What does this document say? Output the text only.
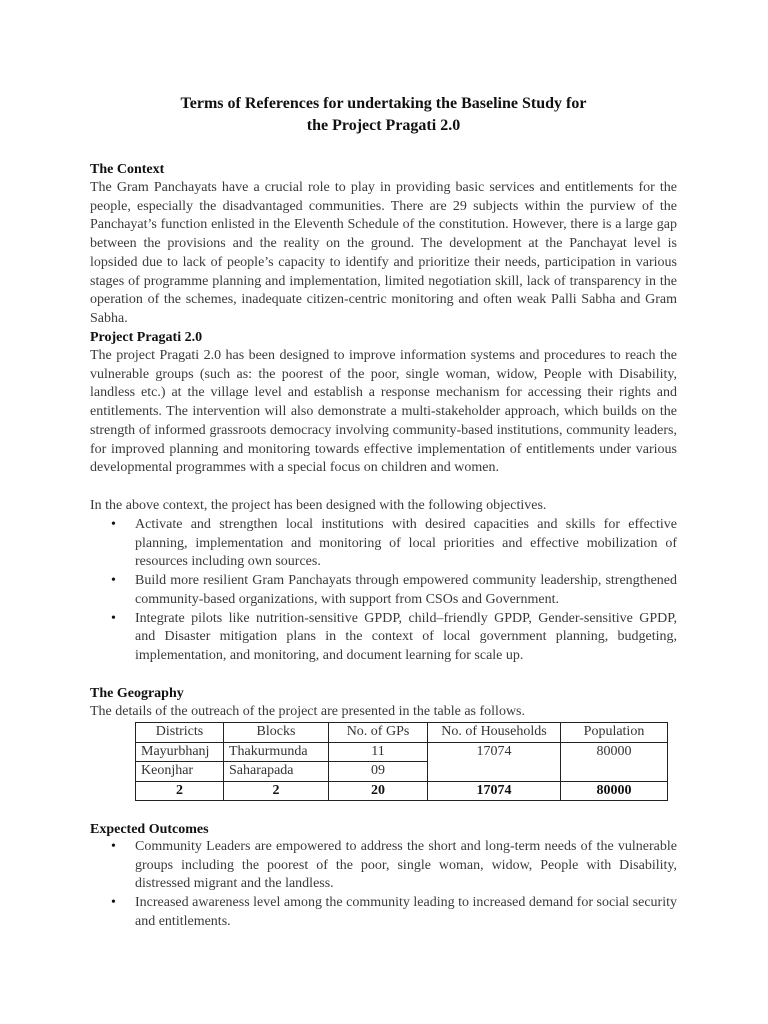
Terms of References for undertaking the Baseline Study for
the Project Pragati 2.0
The Context
The Gram Panchayats have a crucial role to play in providing basic services and entitlements for the people, especially the disadvantaged communities. There are 29 subjects within the purview of the Panchayat’s function enlisted in the Eleventh Schedule of the constitution. However, there is a large gap between the provisions and the reality on the ground. The development at the Panchayat level is lopsided due to lack of people’s capacity to identify and prioritize their needs, participation in various stages of programme planning and implementation, limited negotiation skill, lack of transparency in the operation of the schemes, inadequate citizen-centric monitoring and often weak Palli Sabha and Gram Sabha.
Project Pragati 2.0
The project Pragati 2.0 has been designed to improve information systems and procedures to reach the vulnerable groups (such as: the poorest of the poor, single woman, widow, People with Disability, landless etc.) at the village level and establish a response mechanism for accessing their rights and entitlements. The intervention will also demonstrate a multi-stakeholder approach, which builds on the strength of informed grassroots democracy involving community-based institutions, community leaders, for improved planning and monitoring towards effective implementation of entitlements under various developmental programmes with a special focus on children and women.
In the above context, the project has been designed with the following objectives.
• Activate and strengthen local institutions with desired capacities and skills for effective planning, implementation and monitoring of local priorities and effective mobilization of resources including own sources.
• Build more resilient Gram Panchayats through empowered community leadership, strengthened community-based organizations, with support from CSOs and Government.
• Integrate pilots like nutrition-sensitive GPDP, child–friendly GPDP, Gender-sensitive GPDP, and Disaster mitigation plans in the context of local government planning, budgeting, implementation, and monitoring, and document learning for scale up.
The Geography
The details of the outreach of the project are presented in the table as follows.
Districts	Blocks	No. of GPs	No. of Households	Population
Mayurbhanj	Thakurmunda	11	17074	80000
Keonjhar	Saharapada	09		
2	2	20	17074	80000
Expected Outcomes
• Community Leaders are empowered to address the short and long-term needs of the vulnerable groups including the poorest of the poor, single woman, widow, People with Disability, distressed migrant and the landless.
• Increased awareness level among the community leading to increased demand for social security and entitlements.
